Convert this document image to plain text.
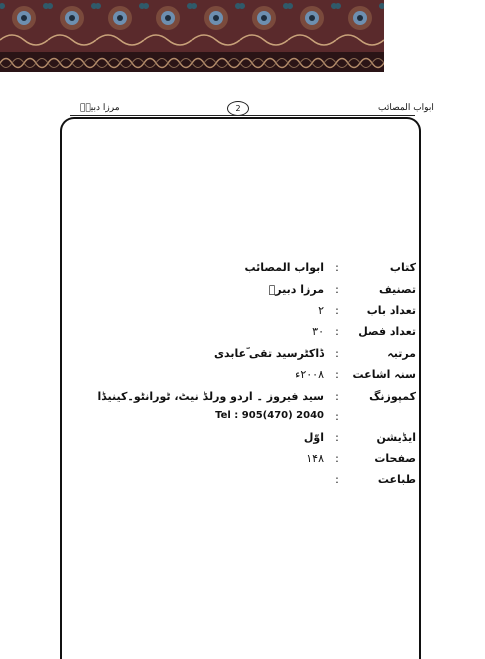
مرزا دبیرؔ	2	ابواب المصائب
کتاب
:
ابواب المصائب
تصنیف
:
مرزا دبیرؔ
تعداد باب
:
۲
تعداد فصل
:
۳۰
مرتبہ
:
ڈاکٹرسید تقی ؔعابدی
سنہ اشاعت
:
۲۰۰۸ء
کمپوزنگ
:
سید فیروز ۔ اردو ورلڈ نیٹ، ٹورانٹو۔کینیڈا
:
Tel : 905(470) 2040
ایڈیشن
:
اوّل
صفحات
:
۱۴۸
طباعت
:
